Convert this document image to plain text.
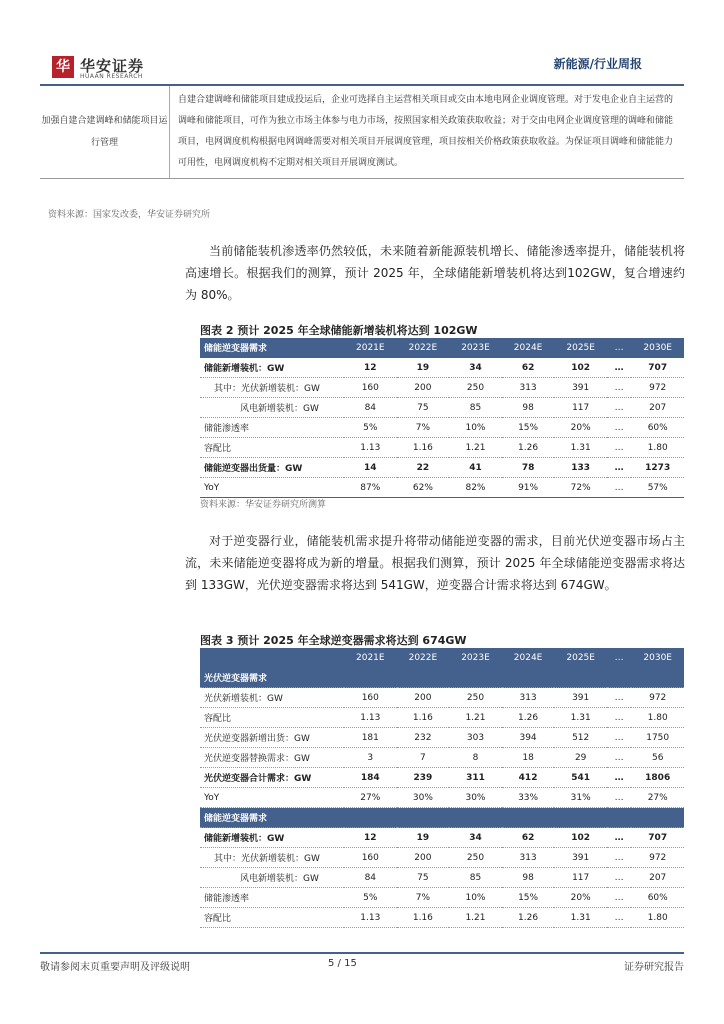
华 华安证券
HUAAN RESEARCH
新能源/行业周报
加强自建合建调峰和储能项目运行管理	自建合建调峰和储能项目建成投运后，企业可选择自主运营相关项目或交由本地电网企业调度管理。对于发电企业自主运营的调峰和储能项目，可作为独立市场主体参与电力市场，按照国家相关政策获取收益；对于交由电网企业调度管理的调峰和储能项目，电网调度机构根据电网调峰需要对相关项目开展调度管理，项目按相关价格政策获取收益。为保证项目调峰和储能能力可用性，电网调度机构不定期对相关项目开展调度测试。
资料来源：国家发改委，华安证券研究所
当前储能装机渗透率仍然较低，未来随着新能源装机增长、储能渗透率提升，储能装机将高速增长。根据我们的测算，预计 2025 年，全球储能新增装机将达到102GW，复合增速约为 80%。
图表 2 预计 2025 年全球储能新增装机将达到 102GW
储能逆变器需求	2021E	2022E	2023E	2024E	2025E	…	2030E
储能新增装机：GW	12	19	34	62	102	…	707
其中：光伏新增装机：GW	160	200	250	313	391	…	972
风电新增装机：GW	84	75	85	98	117	…	207
储能渗透率	5%	7%	10%	15%	20%	…	60%
容配比	1.13	1.16	1.21	1.26	1.31	…	1.80
储能逆变器出货量：GW	14	22	41	78	133	…	1273
YoY	87%	62%	82%	91%	72%	…	57%
资料来源：华安证券研究所测算
对于逆变器行业，储能装机需求提升将带动储能逆变器的需求，目前光伏逆变器市场占主流，未来储能逆变器将成为新的增量。根据我们测算，预计 2025 年全球储能逆变器需求将达到 133GW，光伏逆变器需求将达到 541GW，逆变器合计需求将达到 674GW。
图表 3 预计 2025 年全球逆变器需求将达到 674GW
	2021E	2022E	2023E	2024E	2025E	…	2030E
光伏逆变器需求							
光伏新增装机：GW	160	200	250	313	391	…	972
容配比	1.13	1.16	1.21	1.26	1.31	…	1.80
光伏逆变器新增出货：GW	181	232	303	394	512	…	1750
光伏逆变器替换需求：GW	3	7	8	18	29	…	56
光伏逆变器合计需求：GW	184	239	311	412	541	…	1806
YoY	27%	30%	30%	33%	31%	…	27%
储能逆变器需求							
储能新增装机：GW	12	19	34	62	102	…	707
其中：光伏新增装机：GW	160	200	250	313	391	…	972
风电新增装机：GW	84	75	85	98	117	…	207
储能渗透率	5%	7%	10%	15%	20%	…	60%
容配比	1.13	1.16	1.21	1.26	1.31	…	1.80
敬请参阅末页重要声明及评级说明	5 / 15	证券研究报告
